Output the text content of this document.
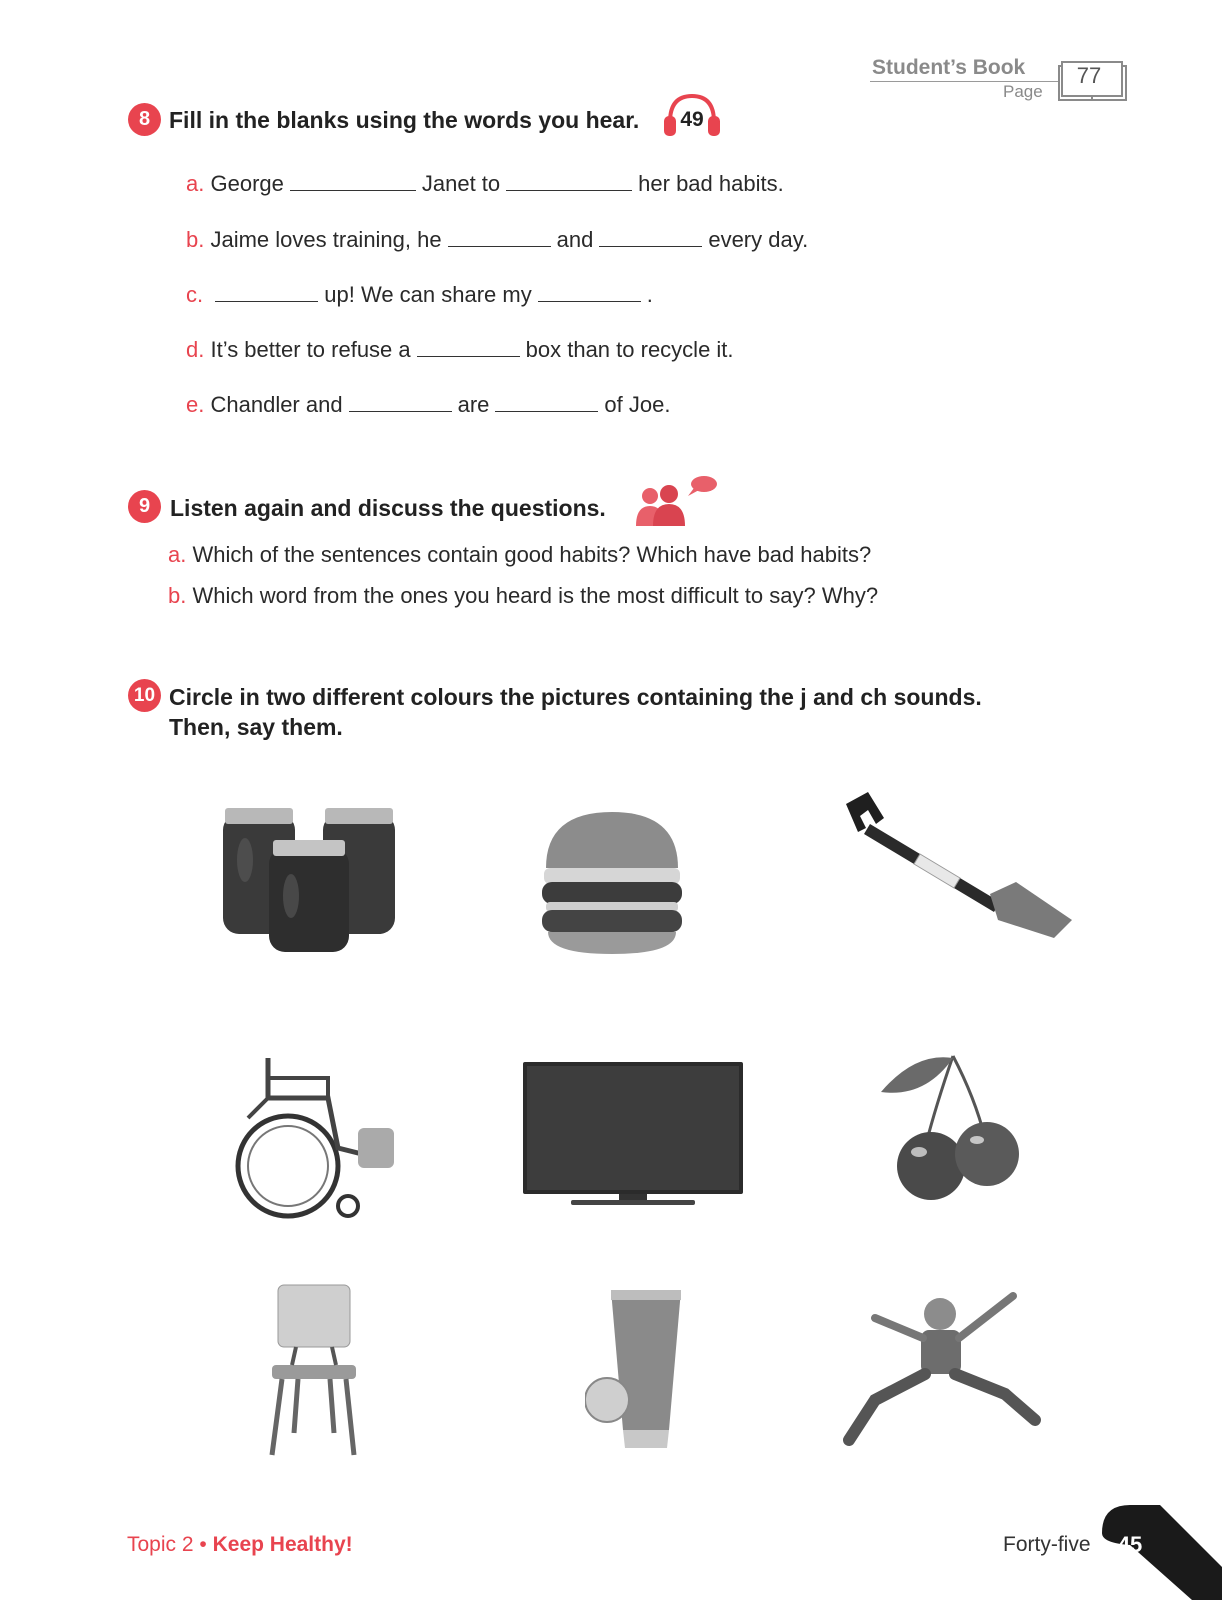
Student’s Book
Page
77
8 Fill in the blanks using the words you hear. 49
a. George	Janet to	her bad habits.
b. Jaime loves training, he	and	every day.
c.	up! We can share my	.
d. It’s better to refuse a	box than to recycle it.
e. Chandler and	are	of Joe.
9 Listen again and discuss the questions.
a. Which of the sentences contain good habits? Which have bad habits?
b. Which word from the ones you heard is the most difficult to say? Why?
10 Circle in two different colours the pictures containing the j and ch sounds.
Then, say them.
Topic 2 • Keep Healthy!	Forty-five	45
